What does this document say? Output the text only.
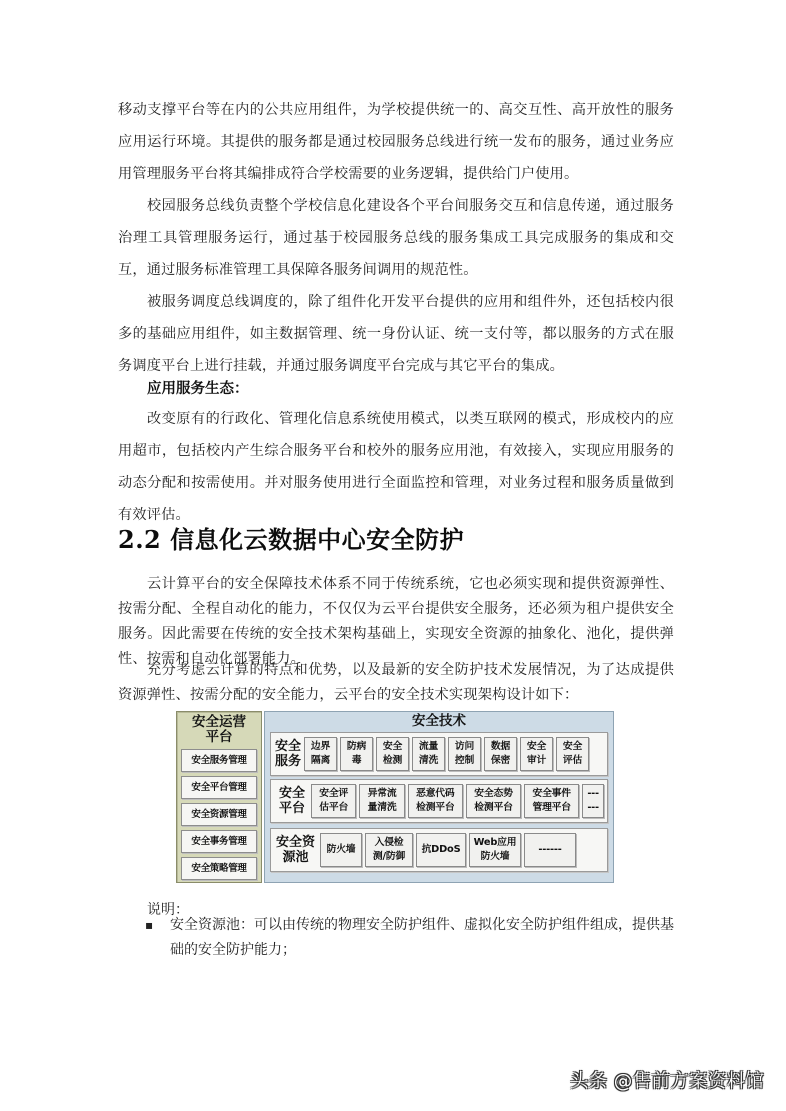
移动支撑平台等在内的公共应用组件，为学校提供统一的、高交互性、高开放性的服务应用运行环境。其提供的服务都是通过校园服务总线进行统一发布的服务，通过业务应用管理服务平台将其编排成符合学校需要的业务逻辑，提供给门户使用。
校园服务总线负责整个学校信息化建设各个平台间服务交互和信息传递，通过服务治理工具管理服务运行，通过基于校园服务总线的服务集成工具完成服务的集成和交互，通过服务标准管理工具保障各服务间调用的规范性。
被服务调度总线调度的，除了组件化开发平台提供的应用和组件外，还包括校内很多的基础应用组件，如主数据管理、统一身份认证、统一支付等，都以服务的方式在服务调度平台上进行挂载，并通过服务调度平台完成与其它平台的集成。
应用服务生态：
改变原有的行政化、管理化信息系统使用模式，以类互联网的模式，形成校内的应用超市，包括校内产生综合服务平台和校外的服务应用池，有效接入，实现应用服务的动态分配和按需使用。并对服务使用进行全面监控和管理，对业务过程和服务质量做到有效评估。
2.2 信息化云数据中心安全防护
云计算平台的安全保障技术体系不同于传统系统，它也必须实现和提供资源弹性、按需分配、全程自动化的能力，不仅仅为云平台提供安全服务，还必须为租户提供安全服务。因此需要在传统的安全技术架构基础上，实现安全资源的抽象化、池化，提供弹性、按需和自动化部署能力。
充分考虑云计算的特点和优势，以及最新的安全防护技术发展情况，为了达成提供资源弹性、按需分配的安全能力，云平台的安全技术实现架构设计如下：
安全运营
平台
安全服务管理
安全平台管理
安全资源管理
安全事务管理
安全策略管理
安全技术
安全
服务
边界
隔离
防病
毒
安全
检测
流量
清洗
访问
控制
数据
保密
安全
审计
安全
评估
安全
平台
安全评
估平台
异常流
量清洗
恶意代码
检测平台
安全态势
检测平台
安全事件
管理平台
---
---
安全资
源池
防火墙
入侵检
测/防御
抗DDoS
Web应用
防火墙
------
说明：
▪ 安全资源池：可以由传统的物理安全防护组件、虚拟化安全防护组件组成，提供基础的安全防护能力；
头条 @售前方案资料馆
